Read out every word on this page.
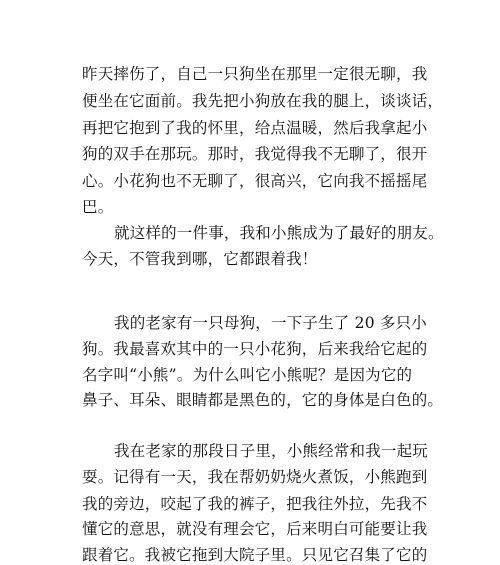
昨天摔伤了，自己一只狗坐在那里一定很无聊，我
便坐在它面前。我先把小狗放在我的腿上，谈谈话，
再把它抱到了我的怀里，给点温暖，然后我拿起小
狗的双手在那玩。那时，我觉得我不无聊了，很开
心。小花狗也不无聊了，很高兴，它向我不摇摇尾
巴。
就这样的一件事，我和小熊成为了最好的朋友。
今天，不管我到哪，它都跟着我！
我的老家有一只母狗，一下子生了 20 多只小
狗。我最喜欢其中的一只小花狗，后来我给它起的
名字叫“小熊”。为什么叫它小熊呢？是因为它的
鼻子、耳朵、眼睛都是黑色的，它的身体是白色的。
我在老家的那段日子里，小熊经常和我一起玩
耍。记得有一天，我在帮奶奶烧火煮饭，小熊跑到
我的旁边，咬起了我的裤子，把我往外拉，先我不
懂它的意思，就没有理会它，后来明白可能要让我
跟着它。我被它拖到大院子里。只见它召集了它的
